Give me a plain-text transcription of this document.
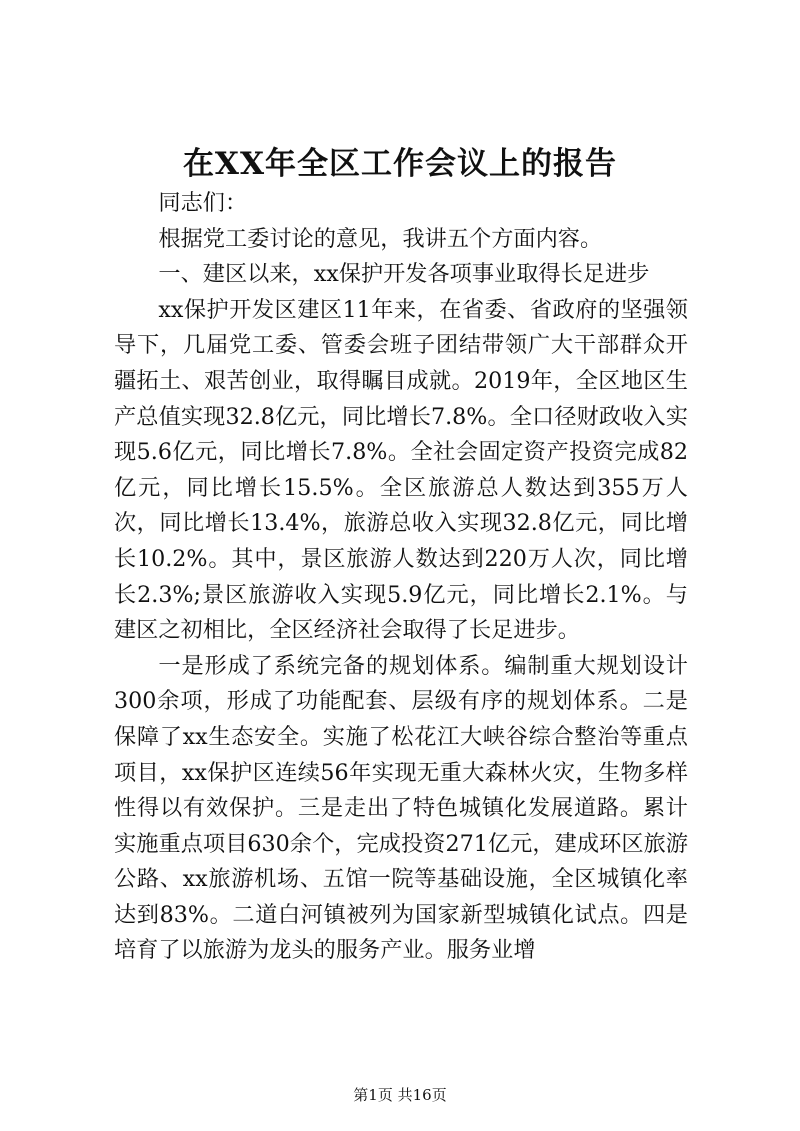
在XX年全区工作会议上的报告

同志们：

根据党工委讨论的意见，我讲五个方面内容。

一、建区以来，xx保护开发各项事业取得长足进步

xx保护开发区建区11年来，在省委、省政府的坚强领导下，几届党工委、管委会班子团结带领广大干部群众开疆拓土、艰苦创业，取得瞩目成就。2019年，全区地区生产总值实现32.8亿元，同比增长7.8%。全口径财政收入实现5.6亿元，同比增长7.8%。全社会固定资产投资完成82亿元，同比增长15.5%。全区旅游总人数达到355万人次，同比增长13.4%，旅游总收入实现32.8亿元，同比增长10.2%。其中，景区旅游人数达到220万人次，同比增长2.3%;景区旅游收入实现5.9亿元，同比增长2.1%。与建区之初相比，全区经济社会取得了长足进步。

一是形成了系统完备的规划体系。编制重大规划设计300余项，形成了功能配套、层级有序的规划体系。二是保障了xx生态安全。实施了松花江大峡谷综合整治等重点项目，xx保护区连续56年实现无重大森林火灾，生物多样性得以有效保护。三是走出了特色城镇化发展道路。累计实施重点项目630余个，完成投资271亿元，建成环区旅游公路、xx旅游机场、五馆一院等基础设施，全区城镇化率达到83%。二道白河镇被列为国家新型城镇化试点。四是培育了以旅游为龙头的服务产业。服务业增

第1页 共16页
